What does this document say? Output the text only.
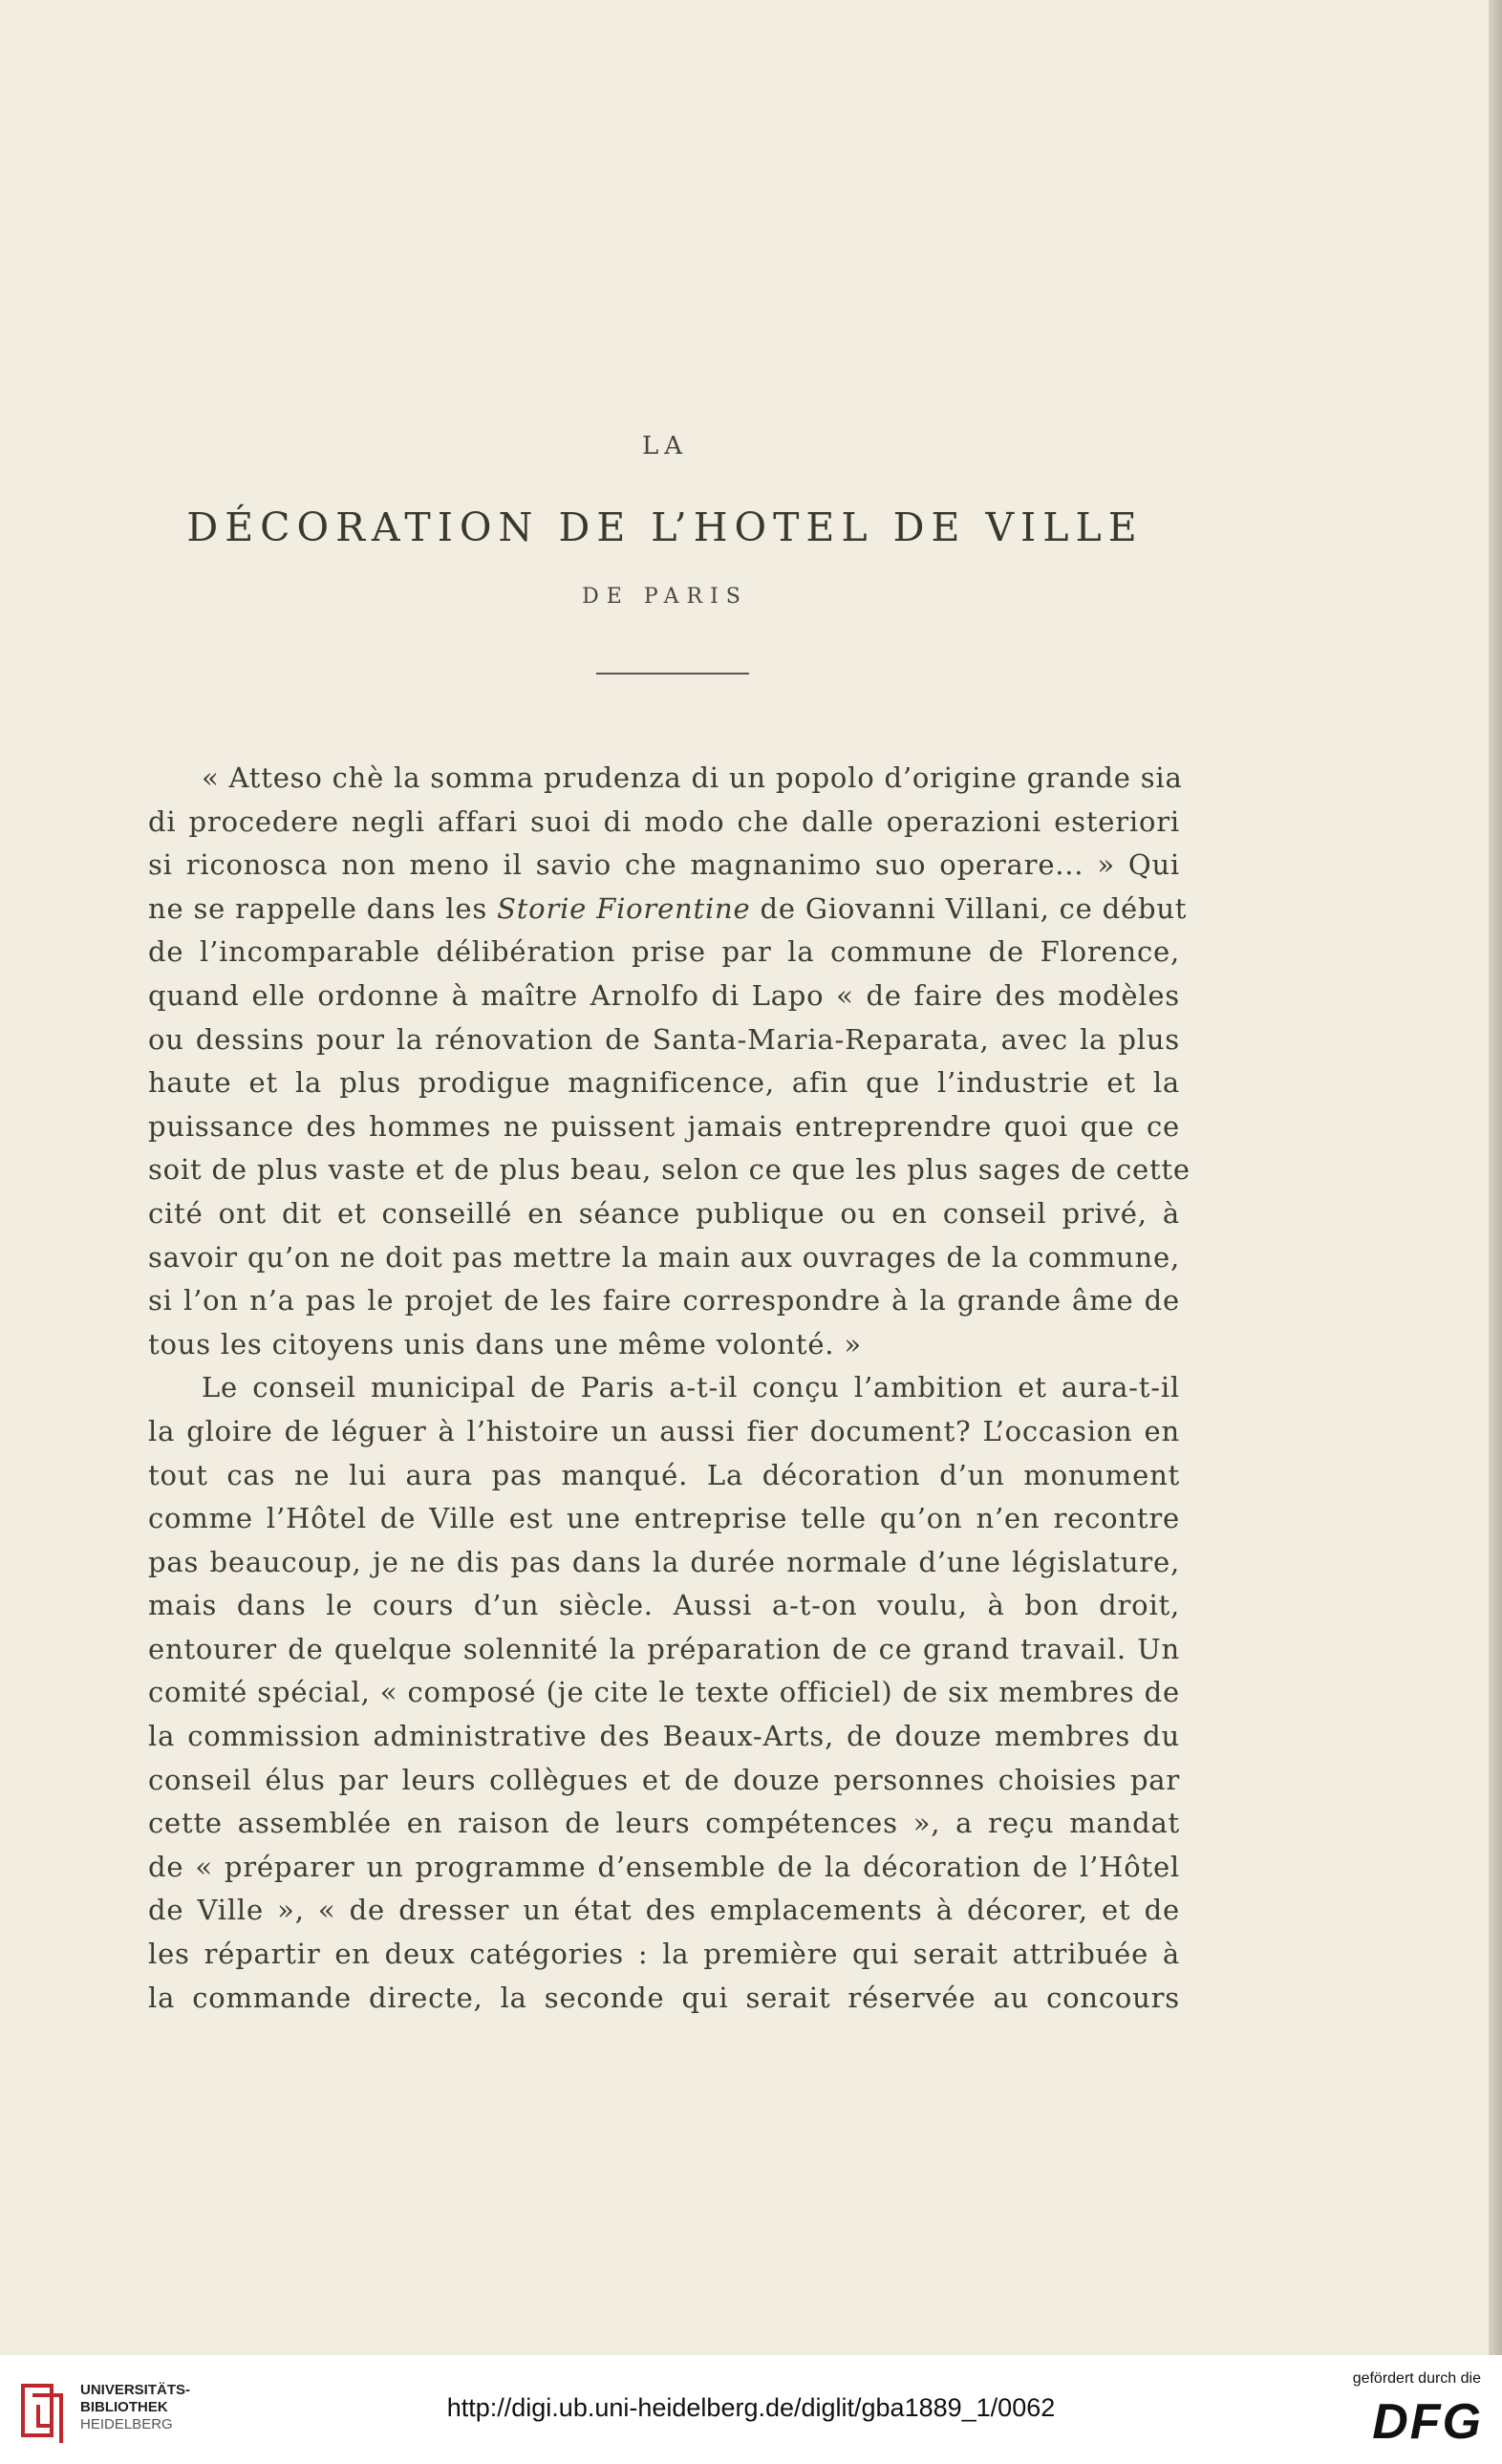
LA
DÉCORATION DE L’HOTEL DE VILLE
DE PARIS
« Atteso chè la somma prudenza di un popolo d’origine grande sia
di procedere negli affari suoi di modo che dalle operazioni esteriori
si riconosca non meno il savio che magnanimo suo operare... » Qui
ne se rappelle dans les Storie Fiorentine de Giovanni Villani, ce début
de l’incomparable délibération prise par la commune de Florence,
quand elle ordonne à maître Arnolfo di Lapo « de faire des modèles
ou dessins pour la rénovation de Santa-Maria-Reparata, avec la plus
haute et la plus prodigue magnificence, afin que l’industrie et la
puissance des hommes ne puissent jamais entreprendre quoi que ce
soit de plus vaste et de plus beau, selon ce que les plus sages de cette
cité ont dit et conseillé en séance publique ou en conseil privé, à
savoir qu’on ne doit pas mettre la main aux ouvrages de la commune,
si l’on n’a pas le projet de les faire correspondre à la grande âme de
tous les citoyens unis dans une même volonté. »
Le conseil municipal de Paris a-t-il conçu l’ambition et aura-t-il
la gloire de léguer à l’histoire un aussi fier document? L’occasion en
tout cas ne lui aura pas manqué. La décoration d’un monument
comme l’Hôtel de Ville est une entreprise telle qu’on n’en recontre
pas beaucoup, je ne dis pas dans la durée normale d’une législature,
mais dans le cours d’un siècle. Aussi a-t-on voulu, à bon droit,
entourer de quelque solennité la préparation de ce grand travail. Un
comité spécial, « composé (je cite le texte officiel) de six membres de
la commission administrative des Beaux-Arts, de douze membres du
conseil élus par leurs collègues et de douze personnes choisies par
cette assemblée en raison de leurs compétences », a reçu mandat
de « préparer un programme d’ensemble de la décoration de l’Hôtel
de Ville », « de dresser un état des emplacements à décorer, et de
les répartir en deux catégories : la première qui serait attribuée à
la commande directe, la seconde qui serait réservée au concours
UNIVERSITÄTS-
BIBLIOTHEK
HEIDELBERG
http://digi.ub.uni-heidelberg.de/diglit/gba1889_1/0062
gefördert durch die
DFG
